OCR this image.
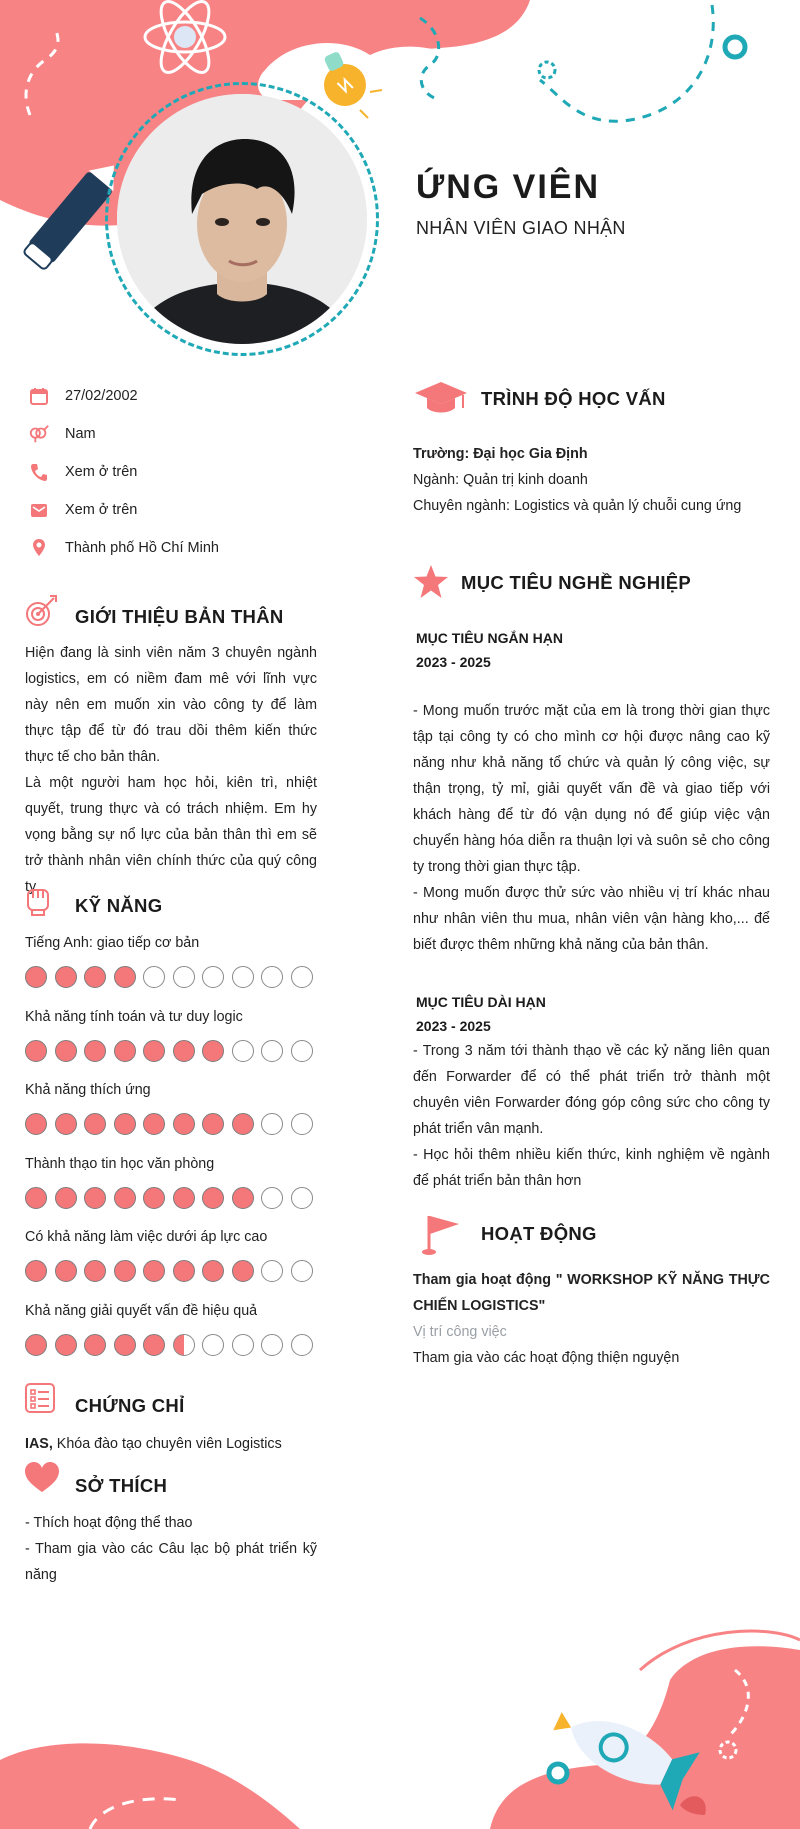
ỨNG VIÊN
NHÂN VIÊN GIAO NHẬN
27/02/2002
Nam
Xem ở trên
Xem ở trên
Thành phố Hồ Chí Minh
GIỚI THIỆU BẢN THÂN

Hiện đang là sinh viên năm 3 chuyên ngành logistics, em có niềm đam mê với lĩnh vực này nên em muốn xin vào công ty để làm thực tập để từ đó trau dồi thêm kiến thức thực tế cho bản thân.

Là một người ham học hỏi, kiên trì, nhiệt quyết, trung thực và có trách nhiệm. Em hy vọng bằng sự nổ lực của bản thân thì em sẽ trở thành nhân viên chính thức của quý công ty

KỸ NĂNG
Tiếng Anh: giao tiếp cơ bản
Khả năng tính toán và tư duy logic
Khả năng thích ứng
Thành thạo tin học văn phòng
Có khả năng làm việc dưới áp lực cao
Khả năng giải quyết vấn đề hiệu quả
CHỨNG CHỈ
IAS, Khóa đào tạo chuyên viên Logistics
SỞ THÍCH

- Thích hoạt động thể thao

- Tham gia vào các Câu lạc bộ phát triển kỹ năng

TRÌNH ĐỘ HỌC VẤN

Trường: Đại học Gia Định

Ngành: Quản trị kinh doanh

Chuyên ngành: Logistics và quản lý chuỗi cung ứng

MỤC TIÊU NGHỀ NGHIỆP
MỤC TIÊU NGẮN HẠN
2023 - 2025

- Mong muốn trước mặt của em là trong thời gian thực tập tại công ty có cho mình cơ hội được nâng cao kỹ năng như khả năng tổ chức và quản lý công việc, sự thận trọng, tỷ mỉ, giải quyết vấn đề và giao tiếp với khách hàng để từ đó vận dụng nó để giúp việc vận chuyển hàng hóa diễn ra thuận lợi và suôn sẻ cho công ty trong thời gian thực tập.

- Mong muốn được thử sức vào nhiều vị trí khác nhau như nhân viên thu mua, nhân viên vận hàng kho,... để biết được thêm những khả năng của bản thân.

MỤC TIÊU DÀI HẠN
2023 - 2025

- Trong 3 năm tới thành thạo về các kỷ năng liên quan đến Forwarder để có thể phát triển trở thành một chuyên viên Forwarder đóng góp công sức cho công ty phát triển vân mạnh.

- Học hỏi thêm nhiều kiến thức, kinh nghiệm về ngành để phát triển bản thân hơn

HOẠT ĐỘNG

Tham gia hoạt động " WORKSHOP KỸ NĂNG THỰC CHIẾN LOGISTICS"

Vị trí công việc

Tham gia vào các hoạt động thiện nguyện
